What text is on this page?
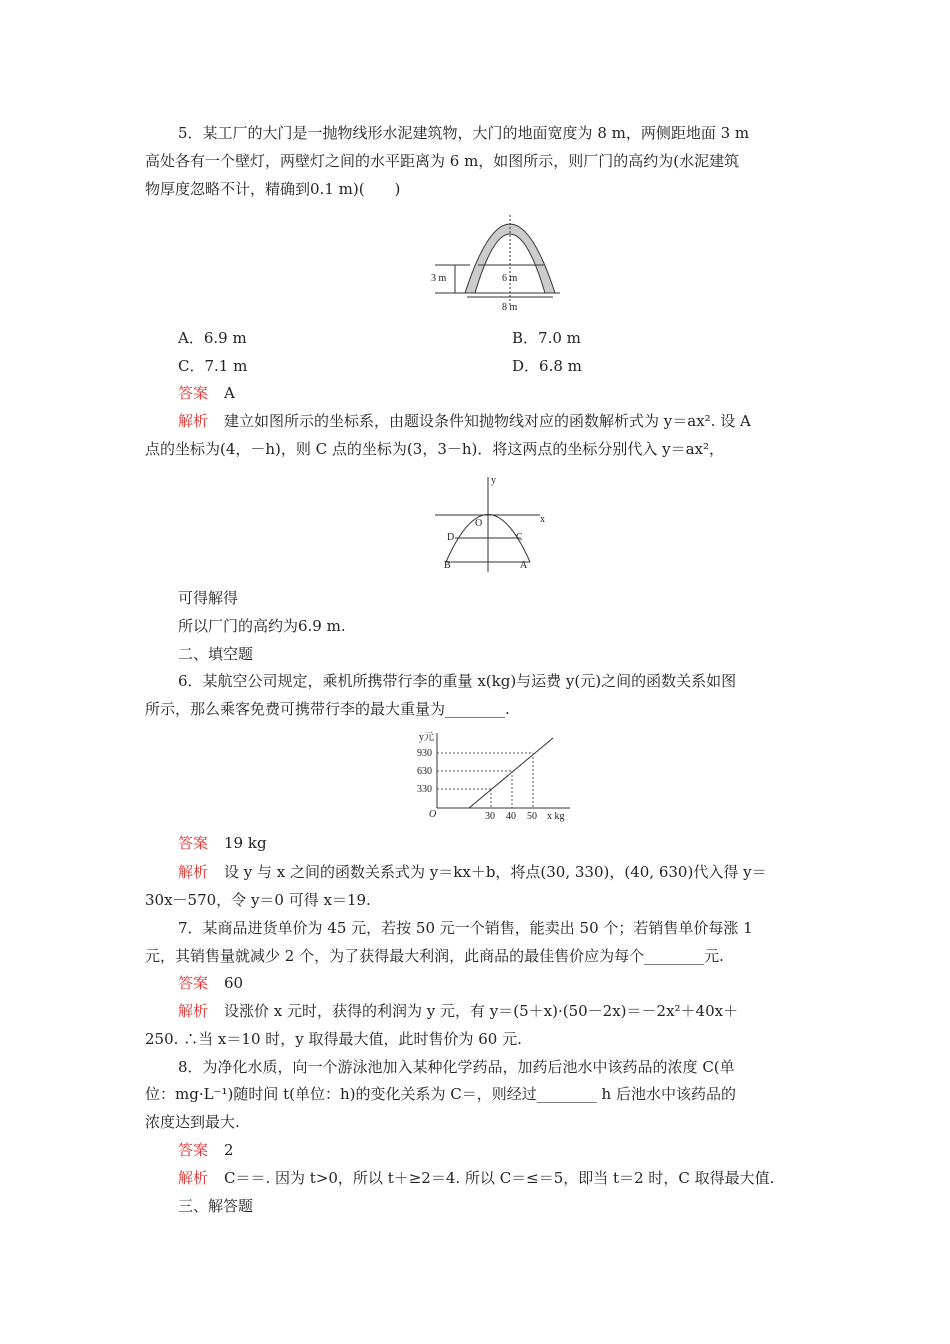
5．某工厂的大门是一抛物线形水泥建筑物，大门的地面宽度为 8 m，两侧距地面 3 m
高处各有一个壁灯，两壁灯之间的水平距离为 6 m，如图所示，则厂门的高约为(水泥建筑
物厚度忽略不计，精确到0.1 m)(　　)
3 m	6 m
8 m
A．6.9 m	B．7.0 m
C．7.1 m	D．6.8 m
答案 A
解析 建立如图所示的坐标系，由题设条件知抛物线对应的函数解析式为 y＝ax². 设 A
点的坐标为(4，－h)，则 C 点的坐标为(3，3－h)．将这两点的坐标分别代入 y＝ax²，
y
x
O
D	C
B	A
可得解得
所以厂门的高约为6.9 m.
二、填空题
6．某航空公司规定，乘机所携带行李的重量 x(kg)与运费 y(元)之间的函数关系如图
所示，那么乘客免费可携带行李的最大重量为________.
y元
930
630
330
O	30 40 50 x kg
答案 19 kg
解析 设 y 与 x 之间的函数关系式为 y＝kx＋b，将点(30, 330)，(40, 630)代入得 y＝
30x－570，令 y＝0 可得 x＝19.
7．某商品进货单价为 45 元，若按 50 元一个销售，能卖出 50 个；若销售单价每涨 1
元，其销售量就减少 2 个，为了获得最大利润，此商品的最佳售价应为每个________元.
答案 60
解析 设涨价 x 元时，获得的利润为 y 元，有 y＝(5＋x)·(50－2x)＝－2x²＋40x＋
250. ∴当 x＝10 时，y 取得最大值，此时售价为 60 元.
8．为净化水质，向一个游泳池加入某种化学药品，加药后池水中该药品的浓度 C(单
位：mg·L⁻¹)随时间 t(单位：h)的变化关系为 C＝，则经过________ h 后池水中该药品的
浓度达到最大.
答案 2
解析 C＝＝. 因为 t>0，所以 t＋≥2＝4. 所以 C＝≤＝5，即当 t＝2 时，C 取得最大值.
三、解答题
